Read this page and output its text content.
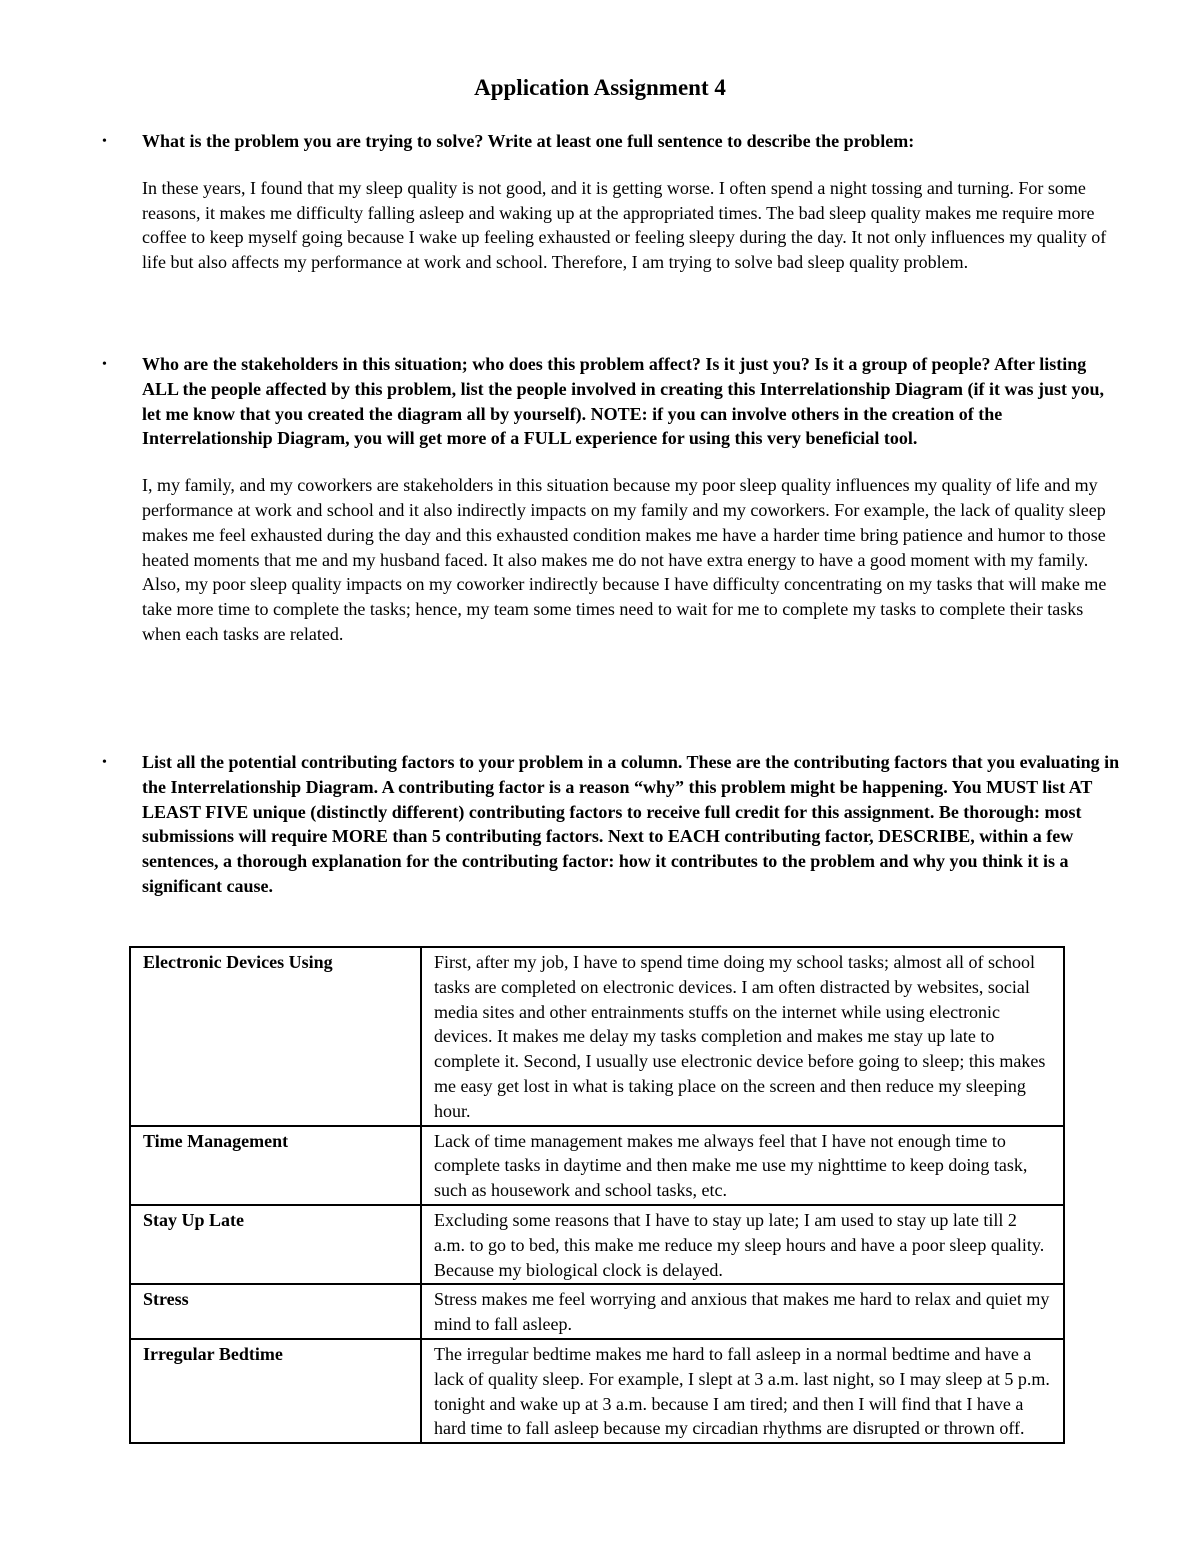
Application Assignment 4
• What is the problem you are trying to solve? Write at least one full sentence to describe the problem:

In these years, I found that my sleep quality is not good, and it is getting worse. I often spend a night tossing and turning. For some reasons, it makes me difficulty falling asleep and waking up at the appropriated times. The bad sleep quality makes me require more coffee to keep myself going because I wake up feeling exhausted or feeling sleepy during the day. It not only influences my quality of life but also affects my performance at work and school. Therefore, I am trying to solve bad sleep quality problem.

• Who are the stakeholders in this situation; who does this problem affect? Is it just you? Is it a group of people? After listing ALL the people affected by this problem, list the people involved in creating this Interrelationship Diagram (if it was just you, let me know that you created the diagram all by yourself). NOTE: if you can involve others in the creation of the Interrelationship Diagram, you will get more of a FULL experience for using this very beneficial tool.

I, my family, and my coworkers are stakeholders in this situation because my poor sleep quality influences my quality of life and my performance at work and school and it also indirectly impacts on my family and my coworkers. For example, the lack of quality sleep makes me feel exhausted during the day and this exhausted condition makes me have a harder time bring patience and humor to those heated moments that me and my husband faced. It also makes me do not have extra energy to have a good moment with my family. Also, my poor sleep quality impacts on my coworker indirectly because I have difficulty concentrating on my tasks that will make me take more time to complete the tasks; hence, my team some times need to wait for me to complete my tasks to complete their tasks when each tasks are related.

• List all the potential contributing factors to your problem in a column. These are the contributing factors that you evaluating in the Interrelationship Diagram. A contributing factor is a reason “why” this problem might be happening. You MUST list AT LEAST FIVE unique (distinctly different) contributing factors to receive full credit for this assignment. Be thorough: most submissions will require MORE than 5 contributing factors. Next to EACH contributing factor, DESCRIBE, within a few sentences, a thorough explanation for the contributing factor: how it contributes to the problem and why you think it is a significant cause.

Electronic Devices Using	First, after my job, I have to spend time doing my school tasks; almost all of school tasks are completed on electronic devices. I am often distracted by websites, social media sites and other entrainments stuffs on the internet while using electronic devices. It makes me delay my tasks completion and makes me stay up late to complete it. Second, I usually use electronic device before going to sleep; this makes me easy get lost in what is taking place on the screen and then reduce my sleeping hour.
Time Management	Lack of time management makes me always feel that I have not enough time to complete tasks in daytime and then make me use my nighttime to keep doing task, such as housework and school tasks, etc.
Stay Up Late	Excluding some reasons that I have to stay up late; I am used to stay up late till 2 a.m. to go to bed, this make me reduce my sleep hours and have a poor sleep quality. Because my biological clock is delayed.
Stress	Stress makes me feel worrying and anxious that makes me hard to relax and quiet my mind to fall asleep.
Irregular Bedtime	The irregular bedtime makes me hard to fall asleep in a normal bedtime and have a lack of quality sleep. For example, I slept at 3 a.m. last night, so I may sleep at 5 p.m. tonight and wake up at 3 a.m. because I am tired; and then I will find that I have a hard time to fall asleep because my circadian rhythms are disrupted or thrown off.
